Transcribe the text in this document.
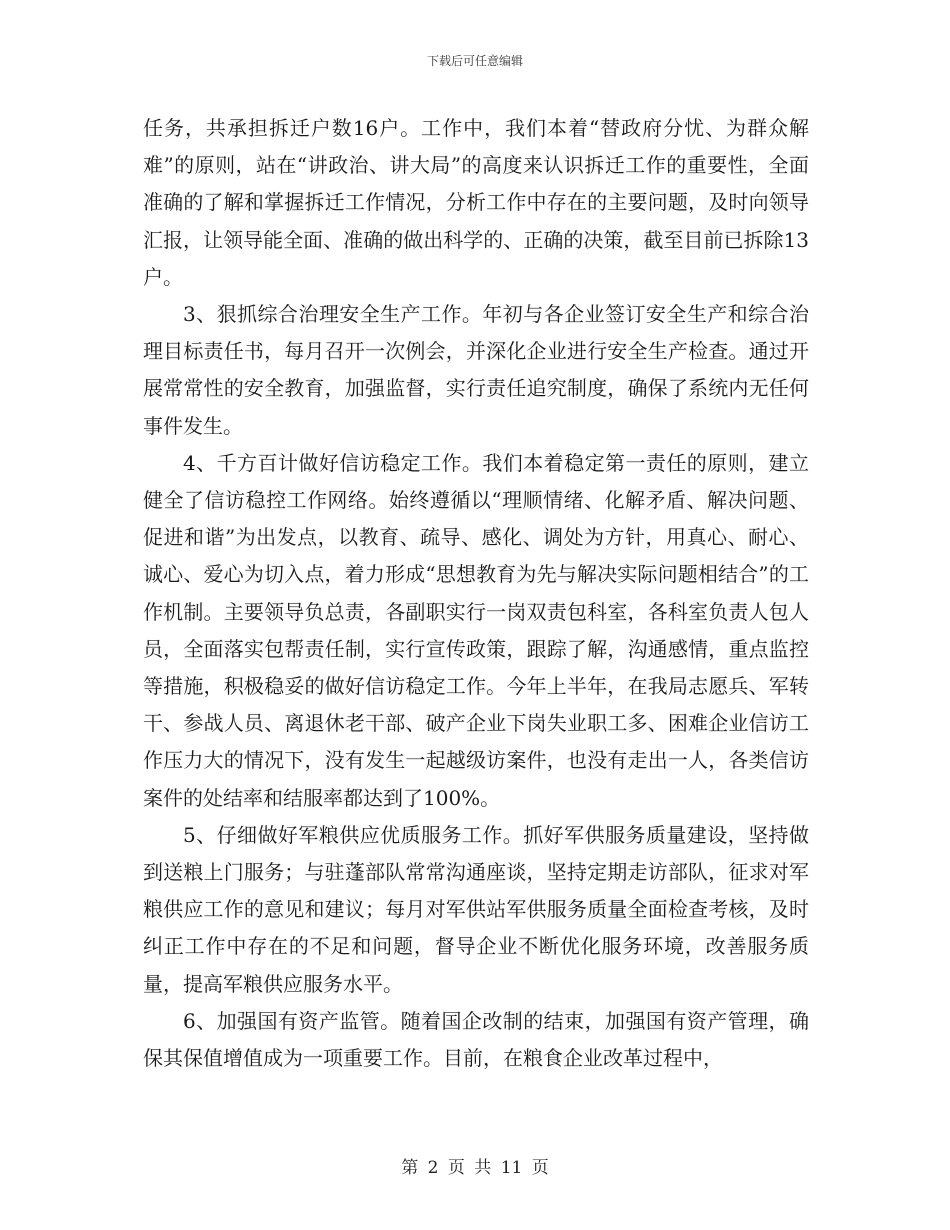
下载后可任意编辑

任务，共承担拆迁户数16户。工作中，我们本着“替政府分忧、为群众解难”的原则，站在“讲政治、讲大局”的高度来认识拆迁工作的重要性，全面准确的了解和掌握拆迁工作情况，分析工作中存在的主要问题，及时向领导汇报，让领导能全面、准确的做出科学的、正确的决策，截至目前已拆除13户。

3、狠抓综合治理安全生产工作。年初与各企业签订安全生产和综合治理目标责任书，每月召开一次例会，并深化企业进行安全生产检查。通过开展常常性的安全教育，加强监督，实行责任追究制度，确保了系统内无任何事件发生。

4、千方百计做好信访稳定工作。我们本着稳定第一责任的原则，建立健全了信访稳控工作网络。始终遵循以“理顺情绪、化解矛盾、解决问题、促进和谐”为出发点，以教育、疏导、感化、调处为方针，用真心、耐心、诚心、爱心为切入点，着力形成“思想教育为先与解决实际问题相结合”的工作机制。主要领导负总责，各副职实行一岗双责包科室，各科室负责人包人员，全面落实包帮责任制，实行宣传政策，跟踪了解，沟通感情，重点监控等措施，积极稳妥的做好信访稳定工作。今年上半年，在我局志愿兵、军转干、参战人员、离退休老干部、破产企业下岗失业职工多、困难企业信访工作压力大的情况下，没有发生一起越级访案件，也没有走出一人，各类信访案件的处结率和结服率都达到了100%。

5、仔细做好军粮供应优质服务工作。抓好军供服务质量建设，坚持做到送粮上门服务；与驻蓬部队常常沟通座谈，坚持定期走访部队，征求对军粮供应工作的意见和建议；每月对军供站军供服务质量全面检查考核，及时纠正工作中存在的不足和问题，督导企业不断优化服务环境，改善服务质量，提高军粮供应服务水平。

6、加强国有资产监管。随着国企改制的结束，加强国有资产管理，确保其保值增值成为一项重要工作。目前，在粮食企业改革过程中，

第 2 页 共 11 页
